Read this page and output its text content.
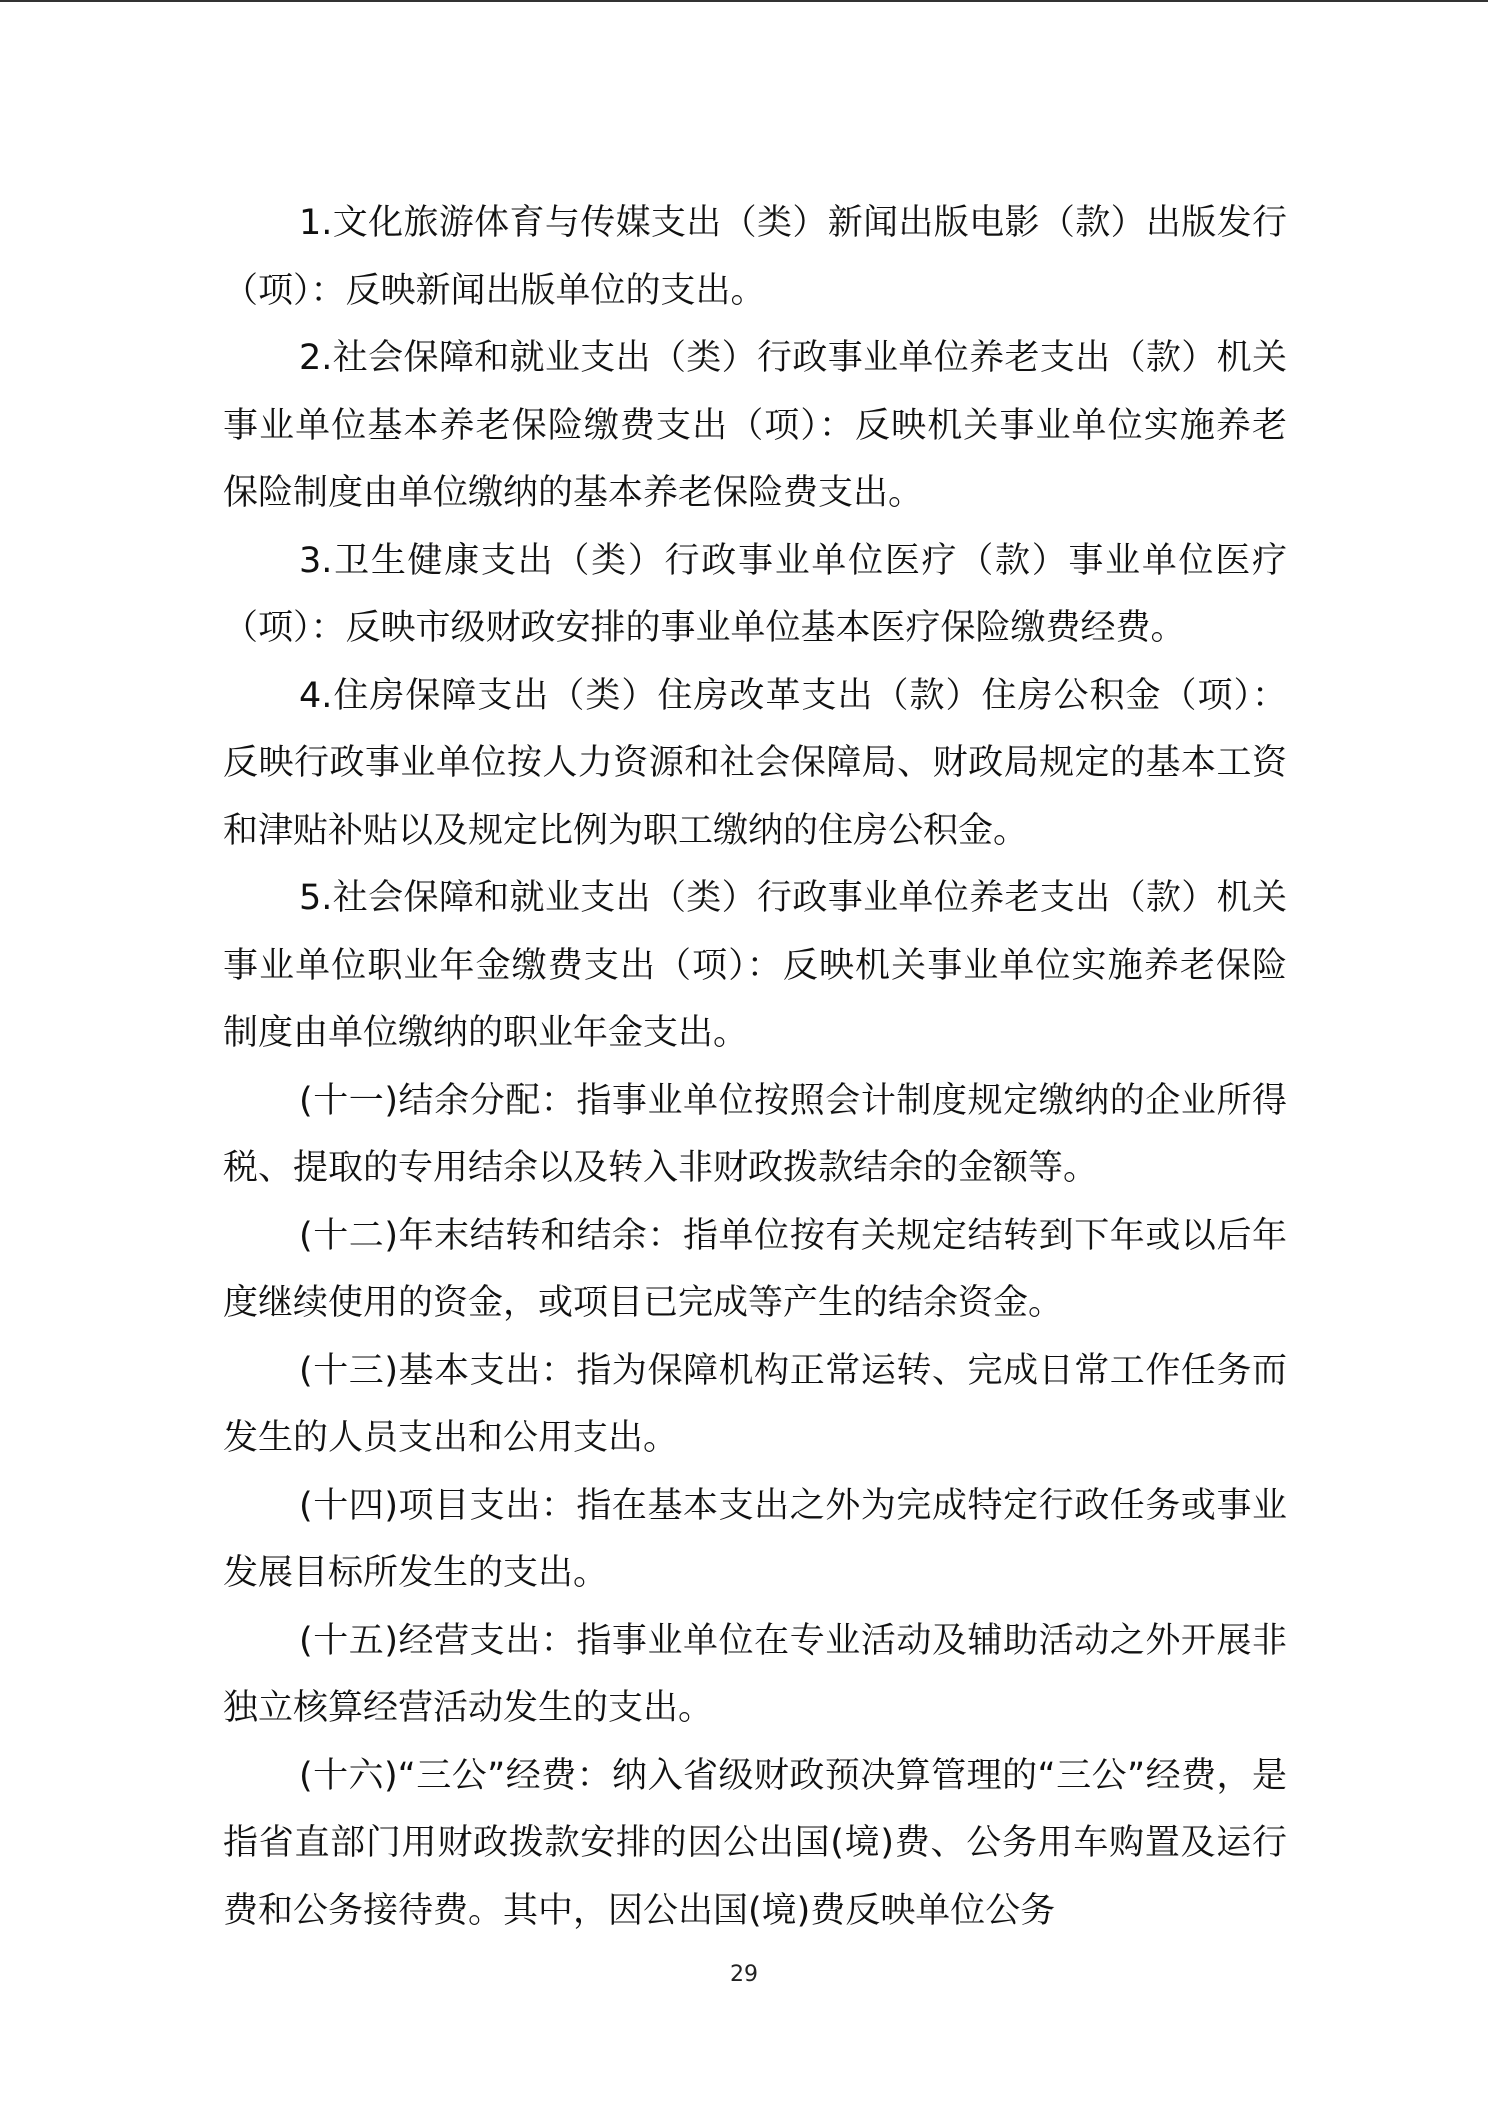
1.文化旅游体育与传媒支出（类）新闻出版电影（款）出版发行（项）：反映新闻出版单位的支出。

2.社会保障和就业支出（类）行政事业单位养老支出（款）机关事业单位基本养老保险缴费支出（项）：反映机关事业单位实施养老保险制度由单位缴纳的基本养老保险费支出。

3.卫生健康支出（类）行政事业单位医疗（款）事业单位医疗（项）：反映市级财政安排的事业单位基本医疗保险缴费经费。

4.住房保障支出（类）住房改革支出（款）住房公积金（项）：反映行政事业单位按人力资源和社会保障局、财政局规定的基本工资和津贴补贴以及规定比例为职工缴纳的住房公积金。

5.社会保障和就业支出（类）行政事业单位养老支出（款）机关事业单位职业年金缴费支出（项）：反映机关事业单位实施养老保险制度由单位缴纳的职业年金支出。

(十一)结余分配：指事业单位按照会计制度规定缴纳的企业所得税、提取的专用结余以及转入非财政拨款结余的金额等。

(十二)年末结转和结余：指单位按有关规定结转到下年或以后年度继续使用的资金，或项目已完成等产生的结余资金。

(十三)基本支出：指为保障机构正常运转、完成日常工作任务而发生的人员支出和公用支出。

(十四)项目支出：指在基本支出之外为完成特定行政任务或事业发展目标所发生的支出。

(十五)经营支出：指事业单位在专业活动及辅助活动之外开展非独立核算经营活动发生的支出。

(十六)“三公”经费：纳入省级财政预决算管理的“三公”经费，是指省直部门用财政拨款安排的因公出国(境)费、公务用车购置及运行费和公务接待费。其中，因公出国(境)费反映单位公务

29
